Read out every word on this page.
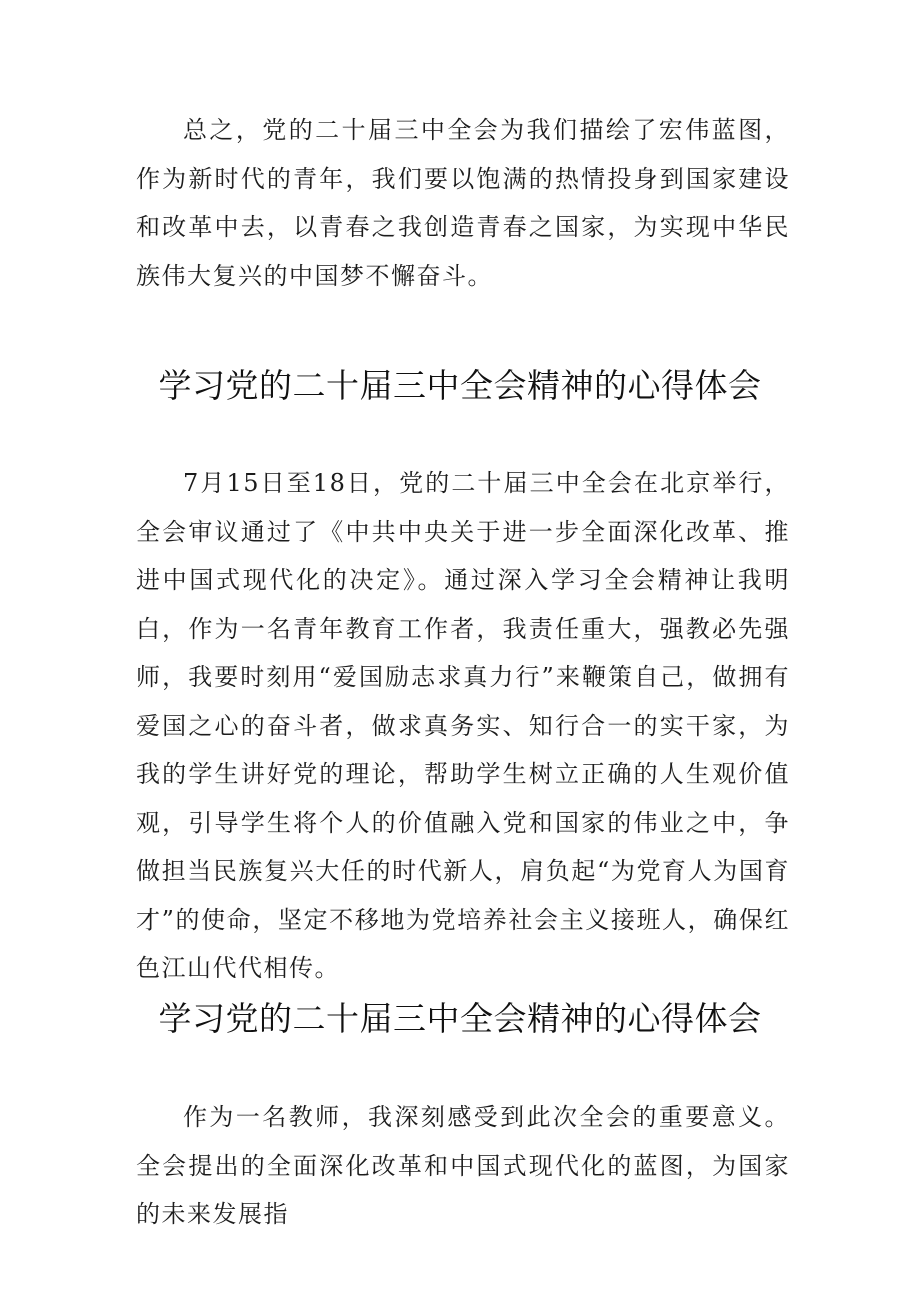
总之，党的二十届三中全会为我们描绘了宏伟蓝图，作为新时代的青年，我们要以饱满的热情投身到国家建设和改革中去，以青春之我创造青春之国家，为实现中华民族伟大复兴的中国梦不懈奋斗。

学习党的二十届三中全会精神的心得体会

7月15日至18日，党的二十届三中全会在北京举行，全会审议通过了《中共中央关于进一步全面深化改革、推进中国式现代化的决定》。通过深入学习全会精神让我明白，作为一名青年教育工作者，我责任重大，强教必先强师，我要时刻用“爱国励志求真力行”来鞭策自己，做拥有爱国之心的奋斗者，做求真务实、知行合一的实干家，为我的学生讲好党的理论，帮助学生树立正确的人生观价值观，引导学生将个人的价值融入党和国家的伟业之中，争做担当民族复兴大任的时代新人，肩负起“为党育人为国育才”的使命，坚定不移地为党培养社会主义接班人，确保红色江山代代相传。

学习党的二十届三中全会精神的心得体会

作为一名教师，我深刻感受到此次全会的重要意义。全会提出的全面深化改革和中国式现代化的蓝图，为国家的未来发展指
